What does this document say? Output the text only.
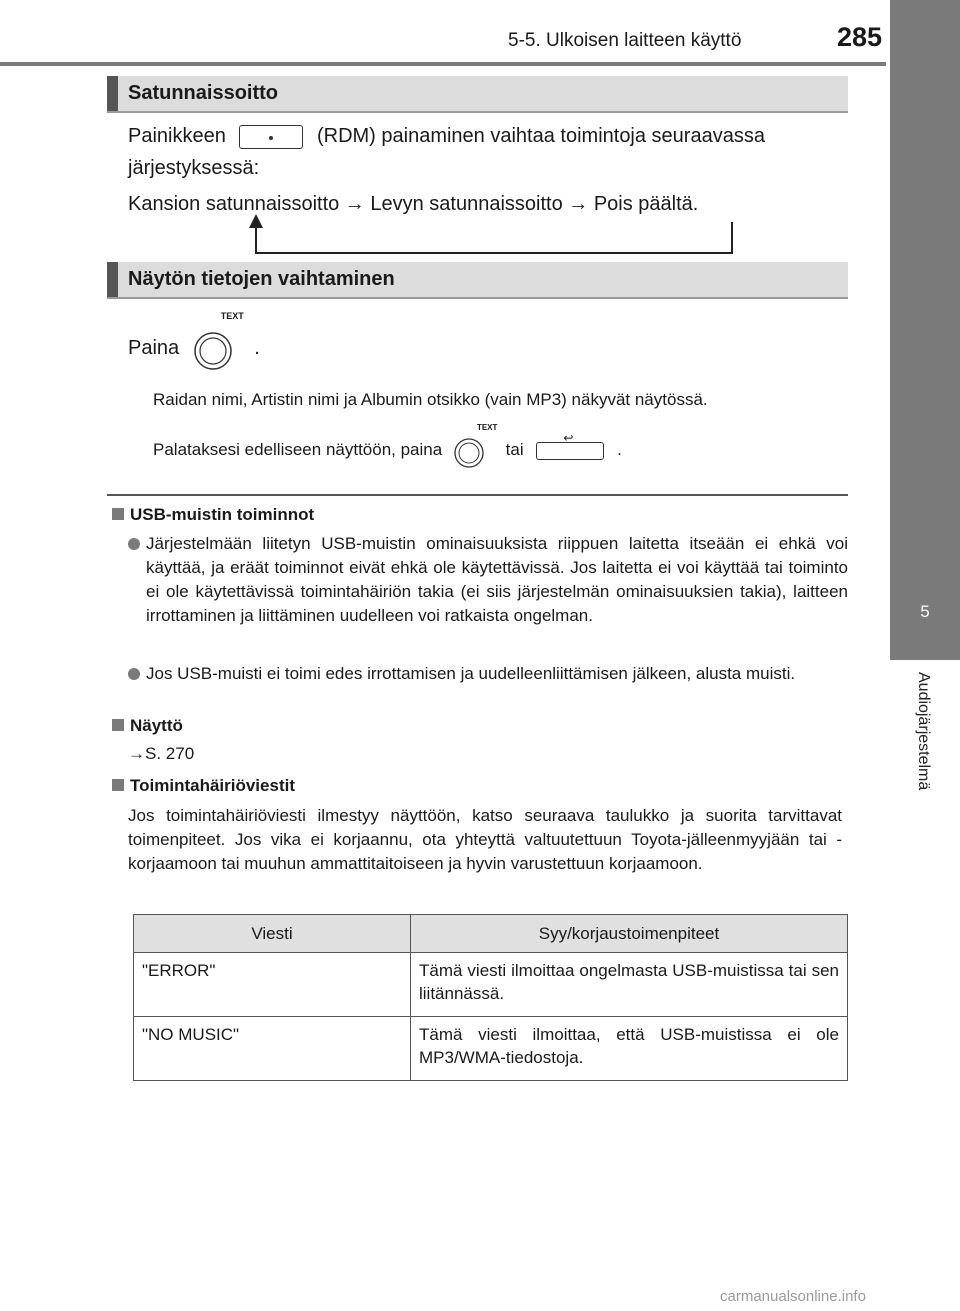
5-5. Ulkoisen laitteen käyttö	285
5
Audiojärjestelmä
Satunnaissoitto
Painikkeen	(RDM) painaminen vaihtaa toimintoja seuraavassa
järjestyksessä:
Kansion satunnaissoitto → Levyn satunnaissoitto → Pois päältä.
Näytön tietojen vaihtaminen
Paina
TEXT
.
Raidan nimi, Artistin nimi ja Albumin otsikko (vain MP3) näkyvät näytössä.
Palataksesi edelliseen näyttöön, paina
TEXT
tai
↩
.
USB-muistin toiminnot

Järjestelmään liitetyn USB-muistin ominaisuuksista riippuen laitetta itseään ei ehkä voi käyttää, ja eräät toiminnot eivät ehkä ole käytettävissä. Jos laitetta ei voi käyttää tai toiminto ei ole käytettävissä toimintahäiriön takia (ei siis järjestelmän ominaisuuksien takia), laitteen irrottaminen ja liittäminen uudelleen voi ratkaista ongelman.

Jos USB-muisti ei toimi edes irrottamisen ja uudelleenliittämisen jälkeen, alusta muisti.

Näyttö
→S. 270
Toimintahäiriöviestit
Jos toimintahäiriöviesti ilmestyy näyttöön, katso seuraava taulukko ja suorita tarvittavat toimenpiteet. Jos vika ei korjaannu, ota yhteyttä valtuutettuun Toyota-jälleenmyyjään tai -korjaamoon tai muuhun ammattitaitoiseen ja hyvin varustettuun korjaamoon.
Viesti	Syy/korjaustoimenpiteet
"ERROR"	Tämä viesti ilmoittaa ongelmasta USB-muistissa tai sen liitännässä.
"NO MUSIC"	Tämä viesti ilmoittaa, että USB-muistissa ei ole MP3/WMA-tiedostoja.
carmanualsonline.info
